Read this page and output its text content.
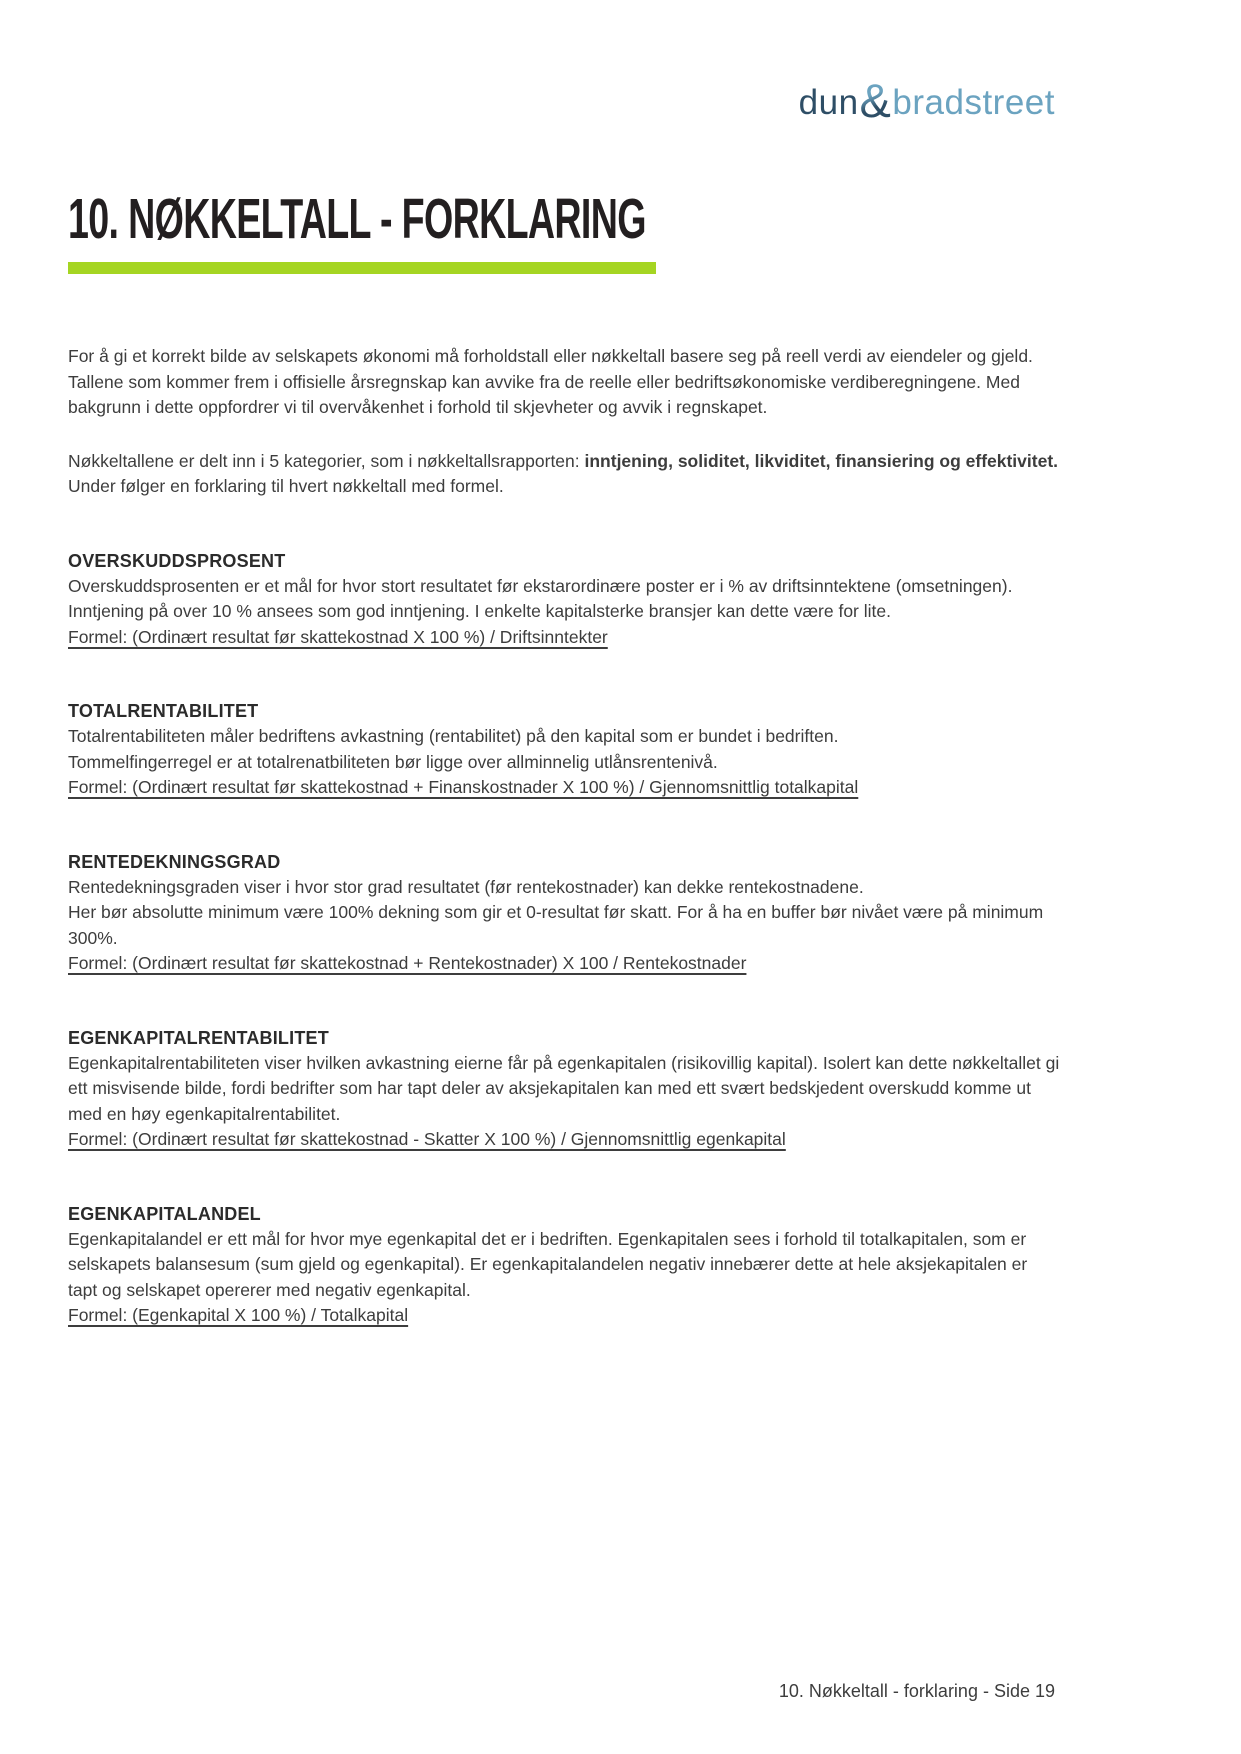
dun & bradstreet
10. NØKKELTALL - FORKLARING

For å gi et korrekt bilde av selskapets økonomi må forholdstall eller nøkkeltall basere seg på reell verdi av eiendeler og gjeld. Tallene som kommer frem i offisielle årsregnskap kan avvike fra de reelle eller bedriftsøkonomiske verdiberegningene. Med bakgrunn i dette oppfordrer vi til overvåkenhet i forhold til skjevheter og avvik i regnskapet.

Nøkkeltallene er delt inn i 5 kategorier, som i nøkkeltallsrapporten: inntjening, soliditet, likviditet, finansiering og effektivitet. Under følger en forklaring til hvert nøkkeltall med formel.

OVERSKUDDSPROSENT
Overskuddsprosenten er et mål for hvor stort resultatet før ekstarordinære poster er i % av driftsinntektene (omsetningen). Inntjening på over 10 % ansees som god inntjening. I enkelte kapitalsterke bransjer kan dette være for lite.
Formel: (Ordinært resultat før skattekostnad X 100 %) / Driftsinntekter
TOTALRENTABILITET
Totalrentabiliteten måler bedriftens avkastning (rentabilitet) på den kapital som er bundet i bedriften.
Tommelfingerregel er at totalrenatbiliteten bør ligge over allminnelig utlånsrentenivå.
Formel: (Ordinært resultat før skattekostnad + Finanskostnader X 100 %) / Gjennomsnittlig totalkapital
RENTEDEKNINGSGRAD
Rentedekningsgraden viser i hvor stor grad resultatet (før rentekostnader) kan dekke rentekostnadene.
Her bør absolutte minimum være 100% dekning som gir et 0-resultat før skatt. For å ha en buffer bør nivået være på minimum 300%.
Formel: (Ordinært resultat før skattekostnad + Rentekostnader) X 100 / Rentekostnader
EGENKAPITALRENTABILITET
Egenkapitalrentabiliteten viser hvilken avkastning eierne får på egenkapitalen (risikovillig kapital). Isolert kan dette nøkkeltallet gi ett misvisende bilde, fordi bedrifter som har tapt deler av aksjekapitalen kan med ett svært bedskjedent overskudd komme ut med en høy egenkapitalrentabilitet.
Formel: (Ordinært resultat før skattekostnad - Skatter X 100 %) / Gjennomsnittlig egenkapital
EGENKAPITALANDEL
Egenkapitalandel er ett mål for hvor mye egenkapital det er i bedriften. Egenkapitalen sees i forhold til totalkapitalen, som er selskapets balansesum (sum gjeld og egenkapital). Er egenkapitalandelen negativ innebærer dette at hele aksjekapitalen er tapt og selskapet opererer med negativ egenkapital.
Formel: (Egenkapital X 100 %) / Totalkapital
10. Nøkkeltall - forklaring - Side 19
